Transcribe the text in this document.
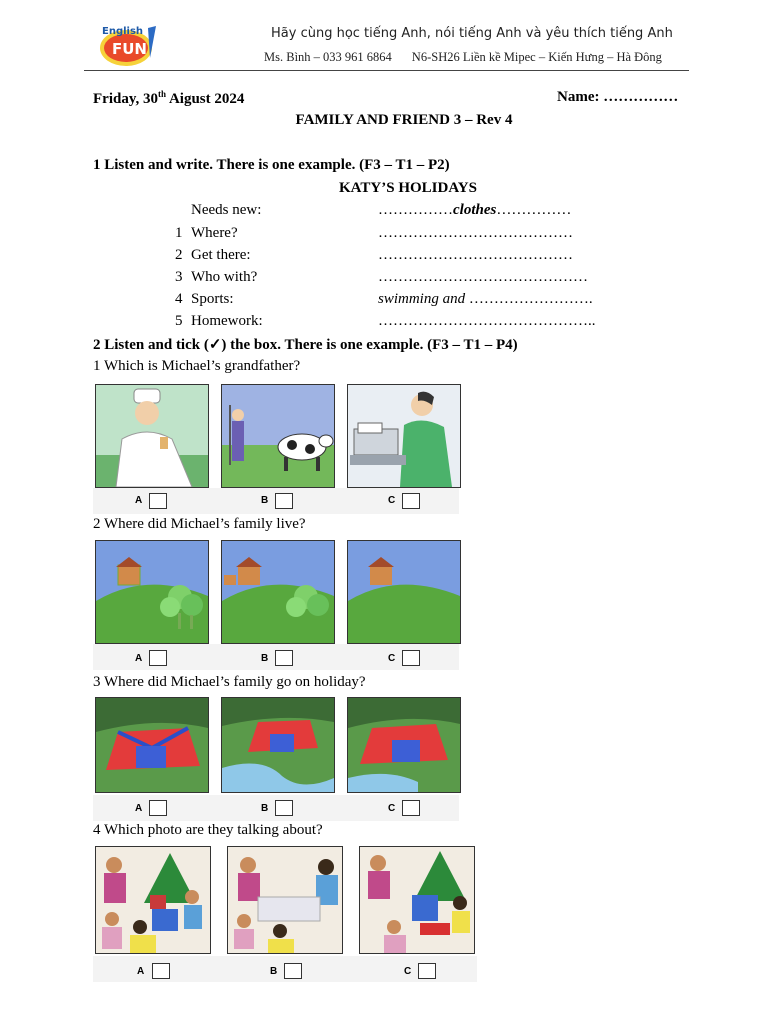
English
FUN
Hãy cùng học tiếng Anh, nói tiếng Anh và yêu thích tiếng Anh
Ms. Bình – 033 961 6864 N6-SH26 Liền kề Mipec – Kiến Hưng – Hà Đông
Friday, 30th Aigust 2024	Name: ……………
FAMILY AND FRIEND 3 – Rev 4
1 Listen and write. There is one example. (F3 – T1 – P2)
KATY’S HOLIDAYS
Needs new:	……………clothes……………
1 Where?	…………………………………
2 Get there:	…………………………………
3 Who with?	……………………………………
4 Sports:	swimming and …………………….
5 Homework:	……………………………………..
2 Listen and tick (✓) the box. There is one example. (F3 – T1 – P4)
1 Which is Michael’s grandfather?
A	B	C
2 Where did Michael’s family live?
A	B	C
3 Where did Michael’s family go on holiday?
A	B	C
4 Which photo are they talking about?
A	B	C
